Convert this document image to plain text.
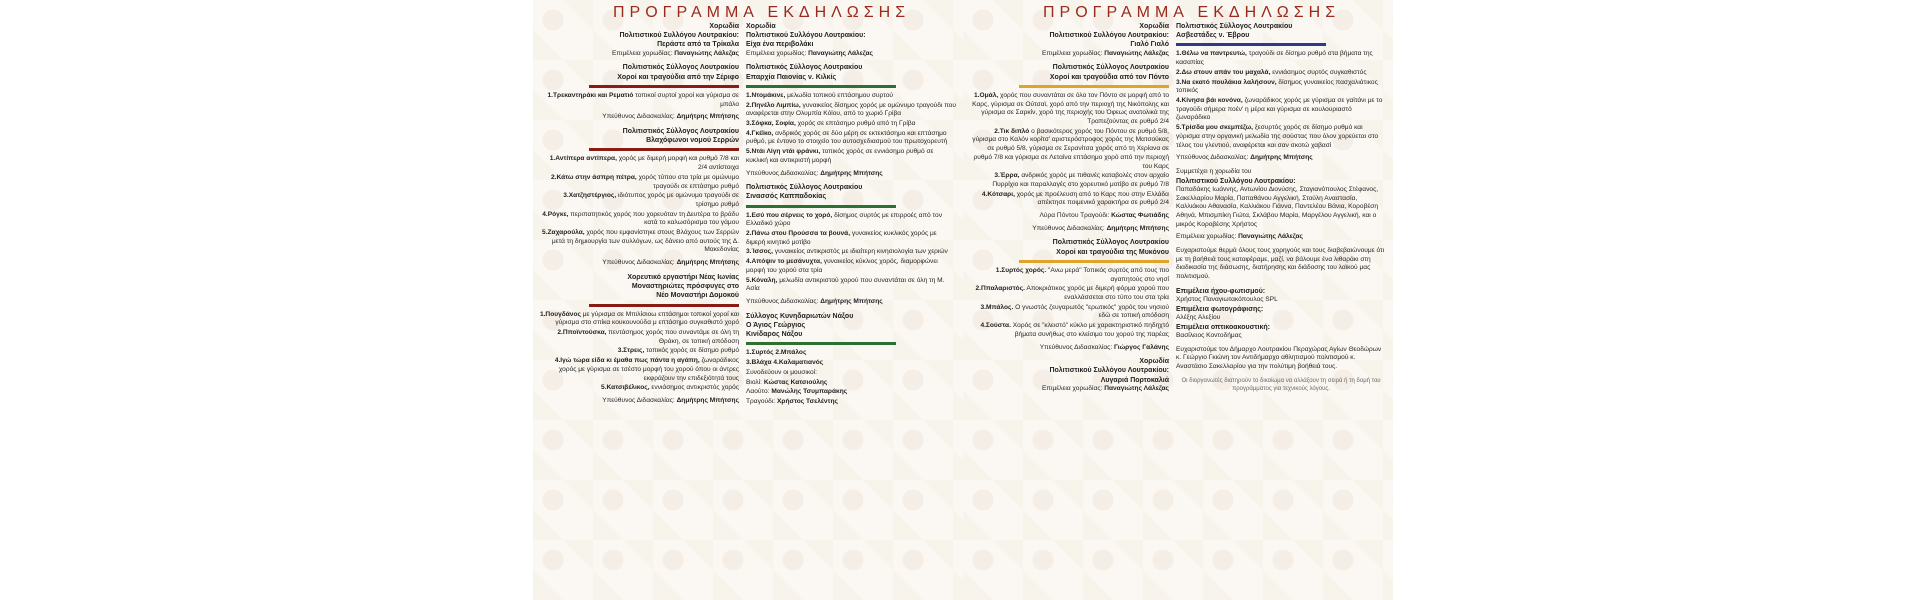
ΠΡΟΓΡΑΜΜΑ ΕΚΔΗΛΩΣΗΣ
Χορωδία
Πολιτιστικού Συλλόγου Λουτρακίου:
Περάστε από τα Τρίκαλα
Επιμέλεια χορωδίας: Παναγιώτης Λάλεζας
Πολιτιστικός Σύλλογος Λουτρακίου
Χοροί και τραγούδια από την Σέριφο
1.Τρεκαντηράκι και Ρεματιό τοπικοί συρτοί χοροί και γύρισμα σε μπάλο
Υπεύθυνος Διδασκαλίας: Δημήτρης Μπήτσης
Πολιτιστικός Σύλλογος Λουτρακίου
Βλαχόφωνοι νομού Σερρών
1.Αντίπερα αντίπερα, χορός με διμερή μορφή και ρυθμό 7/8 και 2/4 αντίστοιχα
2.Κάτω στην άσπρη πέτρα, χορός τύπου στα τρία με ομώνυμο τραγούδι σε επτάσημο ρυθμό
3.Χατζηστέργιος, ιδιότυπος χορός με ομώνυμο τραγούδι σε τρίσημο ρυθμό
4.Ρόγκε, περιπατητικός χορός που χορευόταν τη Δευτέρα το βράδυ κατά το καλωσόρισμα του γάμου
5.Ζαχαρούλα, χορός που εμφανίστηκε στους Βλάχους των Σερρών μετά τη δημιουργία των συλλόγων, ως δάνειο από αυτούς της Δ. Μακεδονίας
Υπεύθυνος Διδασκαλίας: Δημήτρης Μπήτσης
Χορευτικό εργαστήρι Νέας Ιωνίας
Μοναστηριώτες πρόσφυγες στο
Νέο Μοναστήρι Δομοκού
1.Πουγδάνος με γύρισμα σε Μπιλίσιοω επτάσημοι τοπικοί χοροί και γύρισμα στο σπίκα κουκουνούδα μ επτάσημο συγκαθιστό χορό
2.Πποϊντούσκα, πεντάσημος χορός που συναντάμε σε όλη τη Θράκη, σε τοπική απόδοση
3.Στρεις, τοπικός χορός σε δίσημο ρυθμό
4.Ιγώ τώρα είδα κι έμαθα πως πάντα η αγάπη, ζωναράδικος χορός με γύρισμα σε τσέστο μορφή του χορού όπου οι άντρες εκφράζουν την επιδεξιότητά τους
5.Κατσιβέλικος, εννιάσημος αντικριστός χορός
Υπεύθυνος Διδασκαλίας: Δημήτρης Μπήτσης
Χορωδία
Πολιτιστικού Συλλόγου Λουτρακίου:
Είχα ένα περιβολάκι
Επιμέλεια χορωδίας: Παναγιώτης Λάλεζας
Πολιτιστικός Σύλλογος Λουτρακίου
Επαρχία Παιονίας ν. Κιλκίς
1.Ντομάκινε, μελωδία τοπικού επτάσημου συρτού
2.Πηνέλο Λιμπίω, γυναικείος δίσημος χορός με ομώνυμο τραγούδι που αναφέρεται στην Ολυμπία Κόϊου, από το χωριό Γρίβα
3.Σόφκα, Σοφία, χορός σε επτάσημο ρυθμό από τη Γρίβα
4.Γκέϊκο, ανδρικός χορός σε δύο μέρη σε εκτεκτάσημο και επτάσημο ρυθμό, με έντονο το στοιχείο του αυτοσχεδιασμού του πρωτοχορευτή
5.Ντάι Λίγη ντάι φράνκι, τοπικός χορός σε εννιάσημο ρυθμό σε κυκλική και αντικριστή μορφή
Υπεύθυνος Διδασκαλίας: Δημήτρης Μπήτσης
Πολιτιστικός Σύλλογος Λουτρακίου
Σινασσός Καππαδοκίας
1.Εσύ που σέρνεις το χορό, δίσημος συρτός με επιρροές από τον Ελλαδικό χώρο
2.Πάνω στου Προύσσα τα βουνά, γυναικείος κυκλικός χορός με διμερή κινητικό μοτίβο
3.Ίσσος, γυναικείος αντικριστός με ιδιαίτερη κινησιολογία των χεριών
4.Απόψιν το μεσάνυχτα, γυναικείος κύκλιος χορός, διαμορφώνει μορφή του χορού στα τρία
5.Κόναλη, μελωδία αντικριστού χορού που συναντάται σε όλη τη Μ. Ασία
Υπεύθυνος Διδασκαλίας: Δημήτρης Μπήτσης
Σύλλογος Κυνηδαριωτών Νάξου
Ο Άγιος Γεώργιος
Κινίδαρος Νάξου
1.Συρτός 2.Μπάλος
3.Βλάχα 4.Καλαματιανός
Συνοδεύουν οι μουσικοί:
Βιολί: Κώστας Κατσιούλης
Λαούτο: Μανώλης Τσυμπαράκης
Τραγούδι: Χρήστος Τσελέντης
ΠΡΟΓΡΑΜΜΑ ΕΚΔΗΛΩΣΗΣ
Χορωδία
Πολιτιστικού Συλλόγου Λουτρακίου:
Γιαλό Γιαλό
Επιμέλεια χορωδίας: Παναγιώτης Λάλεζας
Πολιτιστικός Σύλλογος Λουτρακίου
Χοροί και τραγούδια από τον Πόντο
1.Ομάλ, χορός που συναντάται σε όλο τον Πόντο σε μορφή από το Καρς, γύρισμα σε Ούτσαϊ, χορό από την περιοχή της Νικόπολης και γύρισμα σε Σαρκίν, χορό της περιοχής του Όφεως ανατολικά της Τραπεζούντας σε ρυθμό 2/4
2.Τικ διπλό ο βασικότερος χορός του Πόντου σε ρυθμό 5/8, γύρισμα στο Καλόν κορίτσ' αριστερόστροφος χορός της Ματσούκας σε ρυθμό 5/8, γύρισμα σε Σερανίτσα χορός από τη Χερίανα σε ρυθμό 7/8 και γύρισμα σε Λεταίνα επτάσημο χορό από την περιοχή του Καρς
3.Έρρα, ανδρικός χορός με πιθανές καταβολές στον αρχαίο Πυρρίχιο και παραλλαγές στο χορευτικό μοτίβο σε ρυθμό 7/8
4.Κότσαρι, χορός με προέλευση από το Καρς που στην Ελλάδα απέκτησε ποιμενικό χαρακτήρα σε ρυθμό 2/4
Λύρα Πόντου Τραγούδι: Κώστας Φωτιάδης
Υπεύθυνος Διδασκαλίας: Δημήτρης Μπήτσης
Πολιτιστικός Σύλλογος Λουτρακίου
Χοροί και τραγούδια της Μυκόνου
1.Συρτός χορός. "Ανω μερά" Τοπικός συρτός από τους πιο αγαπητούς στο νησί
2.Ππαλαριστός. Αποκριάτικος χορός με διμερή φόρμα χορού που εναλλάσσεται στο τύπο του στα τρία
3.Μπάλος. Ο γνωστός ζευγαρωτός "ερωτικός" χορός του νησιού εδώ σε τοπική απόδοση
4.Σούστα. Χορός σε "κλειστό" κύκλο με χαρακτηριστικό πηδηχτό βήματα συνήθως στο κλείσιμο του χορού της παρέας
Υπεύθυνος Διδασκαλίας: Γιώργος Γαλάνης
Χορωδία
Πολιτιστικού Συλλόγου Λουτρακίου:
Λυγαριά Πορτοκαλιά
Επιμέλεια χορωδίας: Παναγιώτης Λάλεζας
Πολιτιστικός Σύλλογος Λουτρακίου
Ασβεστάδες ν. Έβρου
1.Θέλω να παντρευτώ, τραγούδι σε δίσημο ρυθμό στα βήματα της κασαπίας
2.Δω στουν απάν του μαχαλά, εννιάσημος συρτός συγκαθιστός
3.Να εκατό πουλάκια λαλήσουν, δίσημος γυναικείος πασχαλιάτικος τοπικός
4.Κίνησα βάι κονόνα, ζωναράδικος χορός με γύρισμα σε γαϊτάνι με το τραγούδι σήμερα ποέν' η μέρα και γύρισμα σε κουλουριαστό ζωναράδικο
5.Τρίσδα μου σκεμπέζω, ξεσυρτός χορός σε δίσημο ρυθμό και γύρισμα στην οργανική μελωδία της σούστας που όλον χορεύεται στο τέλος του γλεντιού, αναφέρεται και σαν σκοτώ χαβασί
Υπεύθυνος Διδασκαλίας: Δημήτρης Μπήτσης
Συμμετέχει η χορωδία του
Πολιτιστικού Συλλόγου Λουτρακίου:
Παπαδάκης Ιωάννης, Αντωνίου Διονύσης, Σταγιανόπουλος Στέφανος, Σακελλαρίου Μαρία, Παπαθάνου Αγγελική, Στούλη Αναστασία, Καλλιάκου Αθανασία, Καλλιάκου Γιάννα, Παντελέου Βάνια, Κοροβέση Αθηνά, Μπισμπίκη Γιώτα, Σκλάβου Μαρία, Μαργέλου Αγγελική, και ο μικρός Κοροβέσης Χρήστος
Επιμέλεια χορωδίας: Παναγιώτης Λάλεζας
Ευχαριστούμε θερμά όλους τους χορηγούς και τους διαβεβαιώνουμε ότι με τη βοήθειά τους καταφέραμε, μαζί, να βάλουμε ένα λιθαράκι στη διαδικασία της διάσωσης, διατήρησης και διάδοσης του λαϊκού μας πολιτισμού.
Επιμέλεια ήχου-φωτισμού:
Χρήστος Παναγιωτακόπουλος SPL
Επιμέλεια φωτογράφισης:
Αλέξης Αλεξίου
Επιμέλεια οπτικοακουστική:
Βασίλειος Κοντοδήμας
Ευχαριστούμε τον Δήμαρχο Λουτρακίου Περαχώρας Αγίων Θεοδώρων κ. Γεώργιο Γκιώνη τον Αντιδήμαρχο αθλητισμού πολιτισμού κ. Αναστάσιο Σακελλαρίου για την πολύτιμη βοήθειά τους.
Οι διοργανωτές διατηρούν το δικαίωμα να αλλάξουν τη σειρά ή τη δομή του προγράμματος για τεχνικούς λόγους.
